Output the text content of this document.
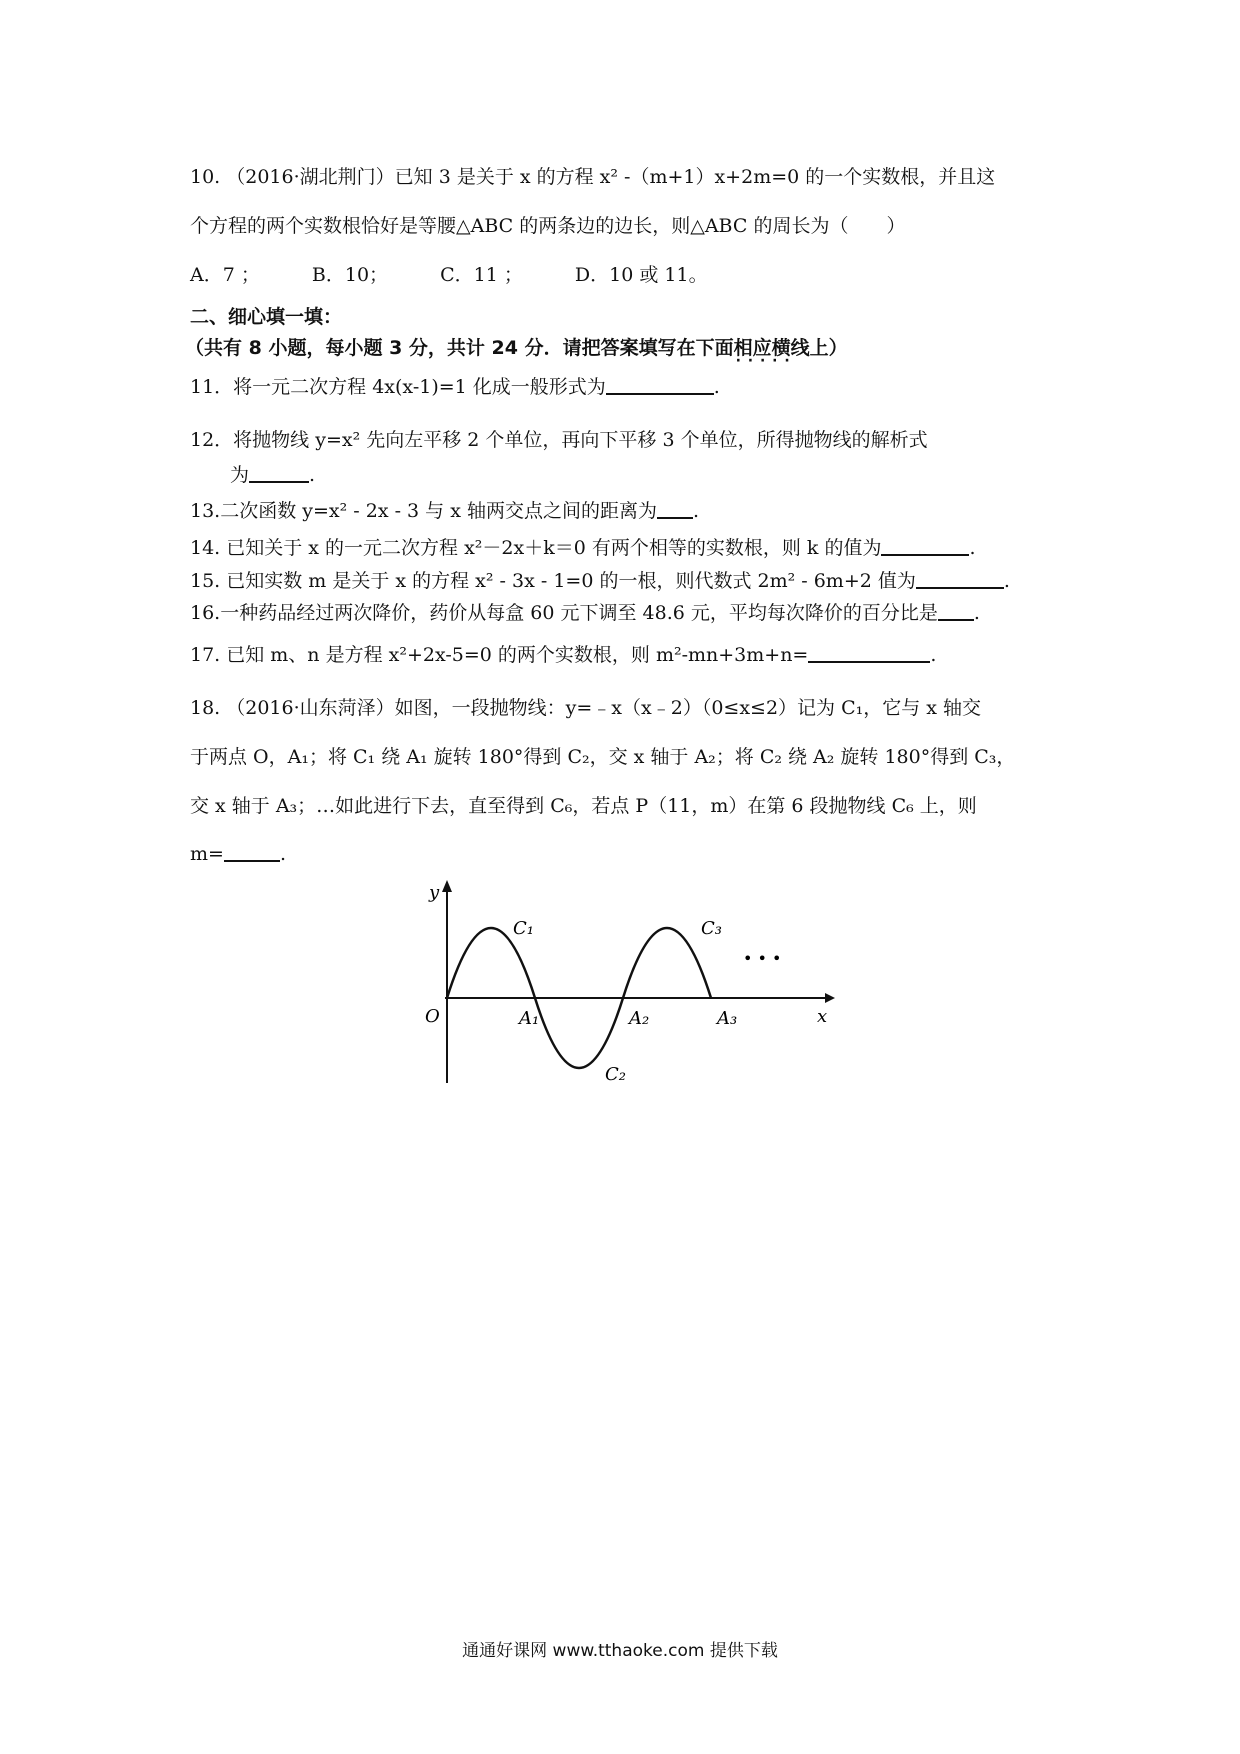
10. （2016·湖北荆门）已知 3 是关于 x 的方程 x² -（m+1）x+2m=0 的一个实数根，并且这
个方程的两个实数根恰好是等腰△ABC 的两条边的边长，则△ABC 的周长为（　　）
A．7 ；	B．10；	C．11 ；	D．10 或 11。
二、细心填一填：
（共有 8 小题，每小题 3 分，共计 24 分．请把答案填写在下面相应横线上 · · ·）
11．将一元二次方程 4x(x-1)=1 化成一般形式为	.
12．将抛物线 y=x² 先向左平移 2 个单位，再向下平移 3 个单位，所得抛物线的解析式
为	.
13.二次函数 y=x² - 2x - 3 与 x 轴两交点之间的距离为 .
14. 已知关于 x 的一元二次方程 x²－2x＋k＝0 有两个相等的实数根，则 k 的值为	.
15. 已知实数 m 是关于 x 的方程 x² - 3x - 1=0 的一根，则代数式 2m² - 6m+2 值为	.
16.一种药品经过两次降价，药价从每盒 60 元下调至 48.6 元，平均每次降价的百分比是 .
17. 已知 m、n 是方程 x²+2x-5=0 的两个实数根，则 m²-mn+3m+n=	.
18. （2016·山东菏泽）如图，一段抛物线：y=﹣x（x﹣2）（0≤x≤2）记为 C₁，它与 x 轴交
于两点 O，A₁；将 C₁ 绕 A₁ 旋转 180°得到 C₂，交 x 轴于 A₂；将 C₂ 绕 A₂ 旋转 180°得到 C₃，
交 x 轴于 A₃；…如此进行下去，直至得到 C₆，若点 P（11，m）在第 6 段抛物线 C₆ 上，则
m=	.
y
x
O	A₁	A₂	A₃
C₁
C₂
C₃
• • •
通通好课网 www.tthaoke.com 提供下载
